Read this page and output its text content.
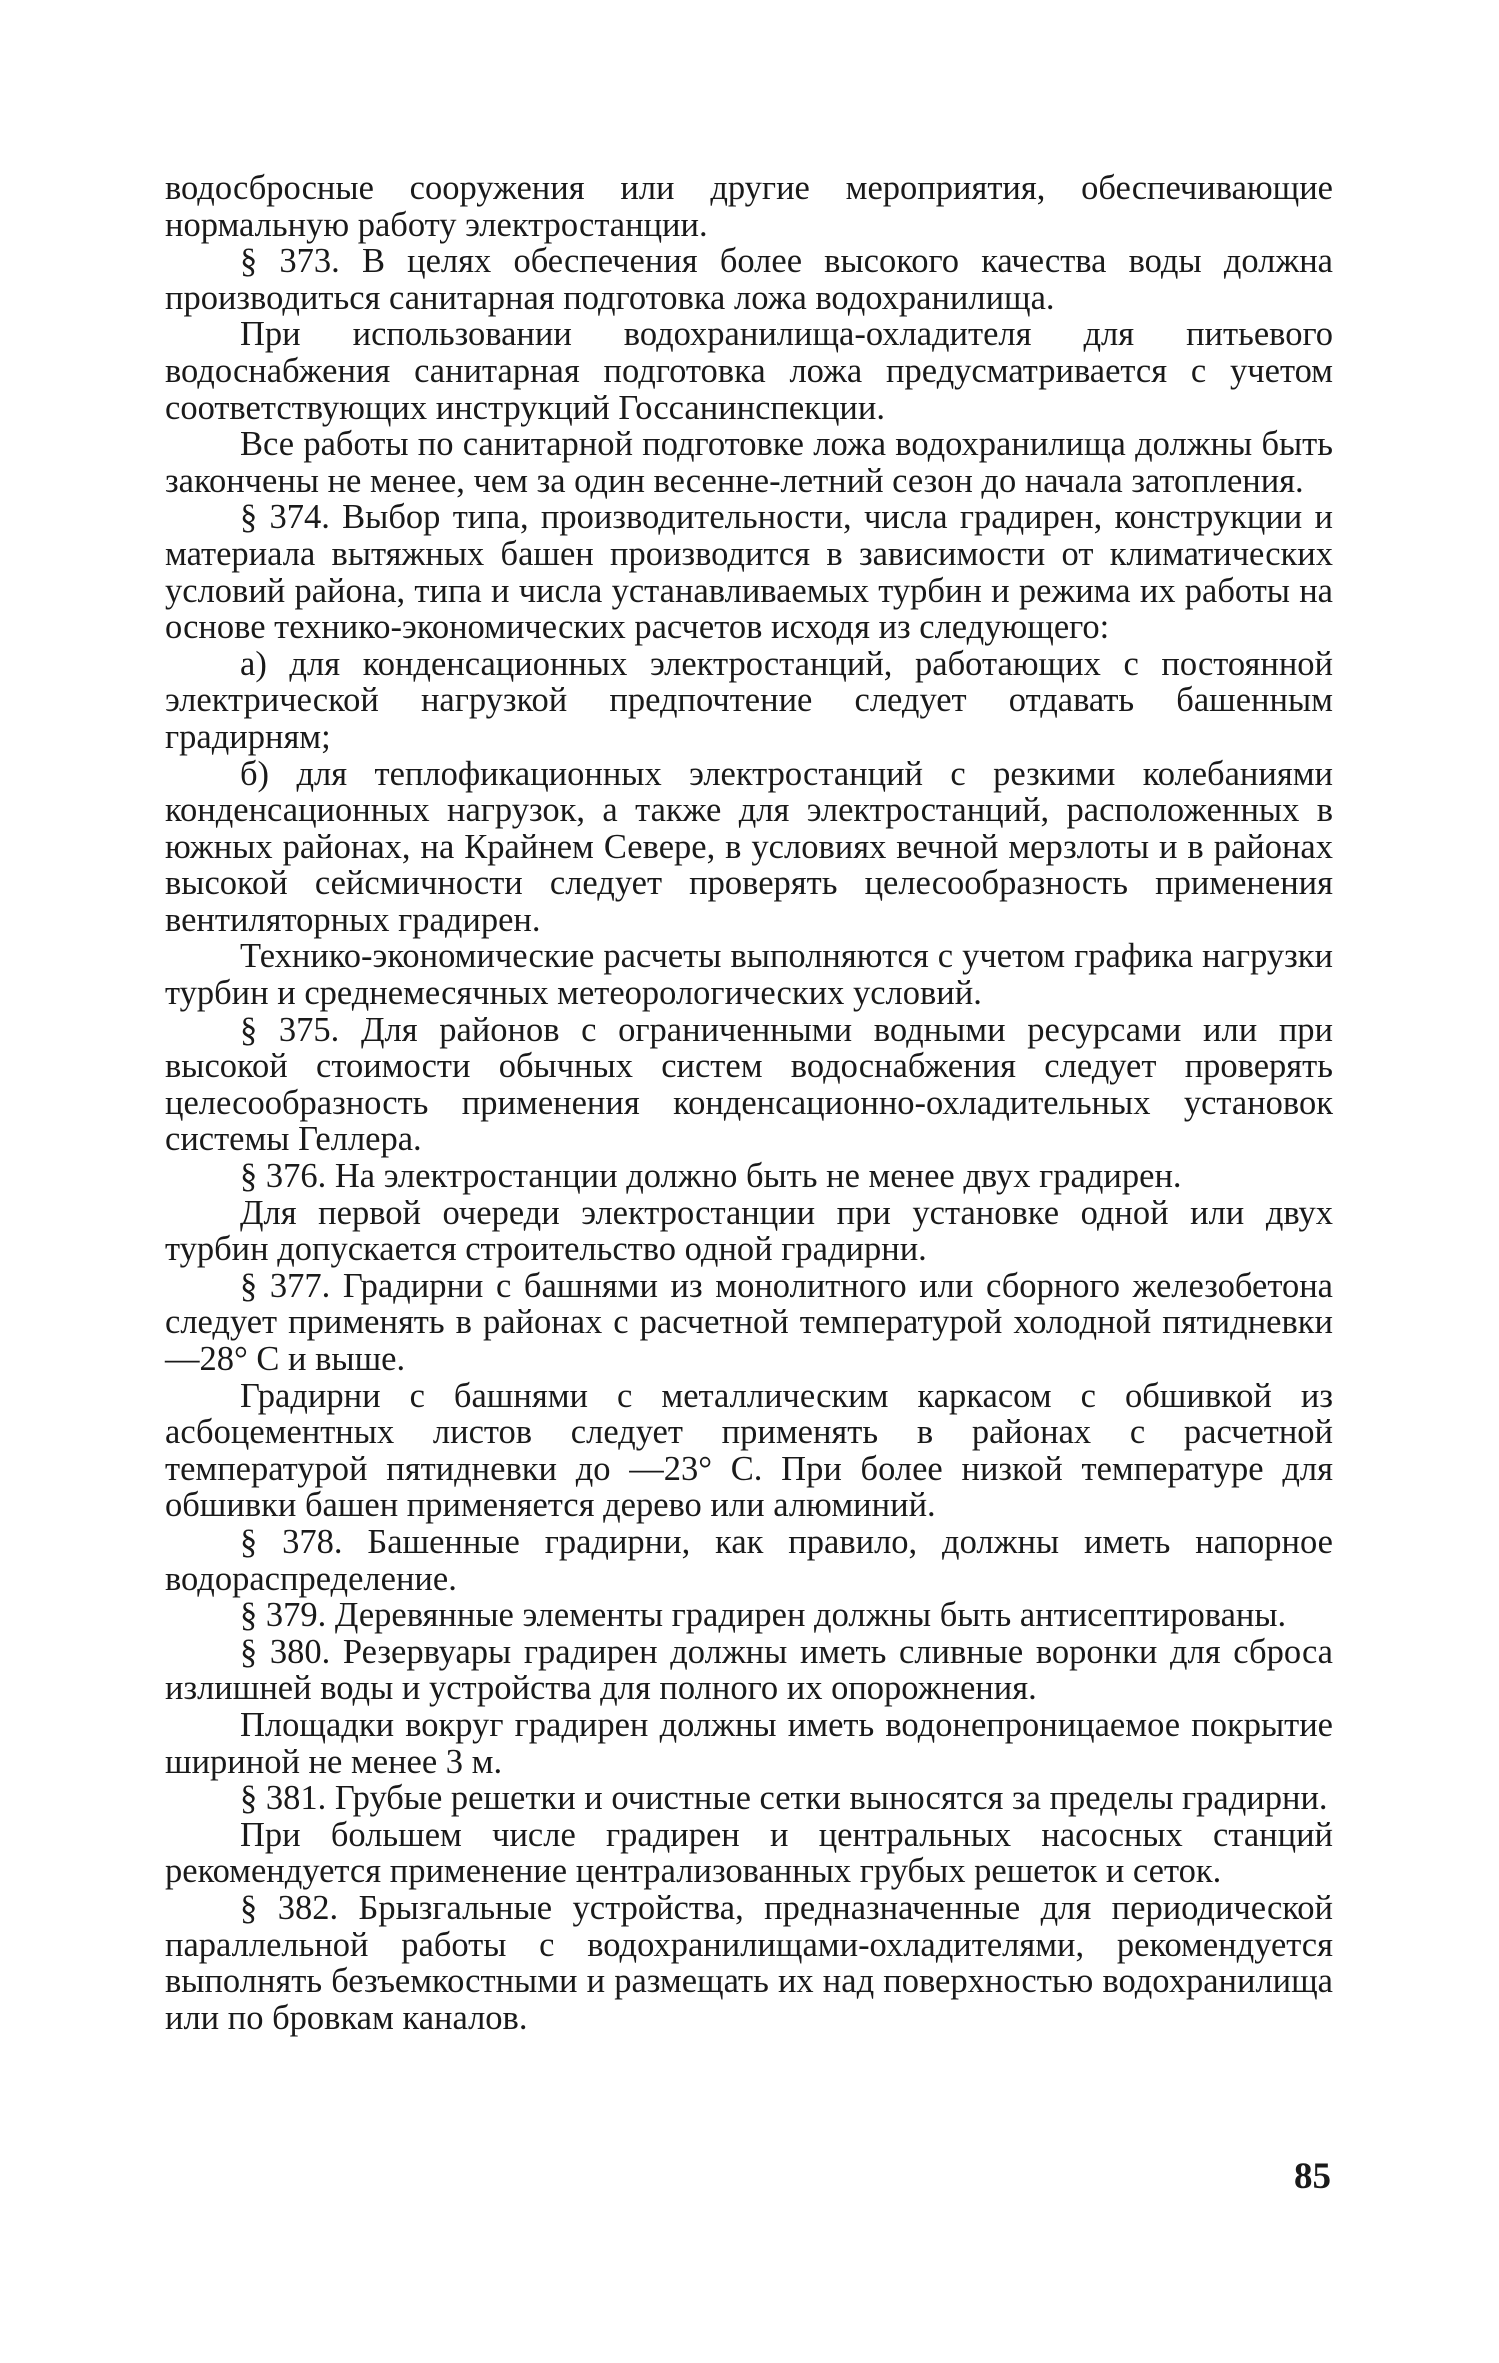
водосбросные сооружения или другие мероприятия, обеспечивающие нормальную работу электростанции.

§ 373. В целях обеспечения более высокого качества воды должна производиться санитарная подготовка ложа водохранилища.

При использовании водохранилища-охладителя для питьевого водоснабжения санитарная подготовка ложа предусматривается с учетом соответствующих инструкций Госсанинспекции.

Все работы по санитарной подготовке ложа водохранилища должны быть закончены не менее, чем за один весенне-летний сезон до начала затопления.

§ 374. Выбор типа, производительности, числа градирен, конструкции и материала вытяжных башен производится в зависимости от климатических условий района, типа и числа устанавливаемых турбин и режима их работы на основе технико-экономических расчетов исходя из следующего:

а) для конденсационных электростанций, работающих с постоянной электрической нагрузкой предпочтение следует отдавать башенным градирням;

б) для теплофикационных электростанций с резкими колебаниями конденсационных нагрузок, а также для электростанций, расположенных в южных районах, на Крайнем Севере, в условиях вечной мерзлоты и в районах высокой сейсмичности следует проверять целесообразность применения вентиляторных градирен.

Технико-экономические расчеты выполняются с учетом графика нагрузки турбин и среднемесячных метеорологических условий.

§ 375. Для районов с ограниченными водными ресурсами или при высокой стоимости обычных систем водоснабжения следует проверять целесообразность применения конденсационно-охладительных установок системы Геллера.

§ 376. На электростанции должно быть не менее двух градирен.

Для первой очереди электростанции при установке одной или двух турбин допускается строительство одной градирни.

§ 377. Градирни с башнями из монолитного или сборного железобетона следует применять в районах с расчетной температурой холодной пятидневки —28° С и выше.

Градирни с башнями с металлическим каркасом с обшивкой из асбоцементных листов следует применять в районах с расчетной температурой пятидневки до —23° С. При более низкой температуре для обшивки башен применяется дерево или алюминий.

§ 378. Башенные градирни, как правило, должны иметь напорное водораспределение.

§ 379. Деревянные элементы градирен должны быть антисептированы.

§ 380. Резервуары градирен должны иметь сливные воронки для сброса излишней воды и устройства для полного их опорожнения.

Площадки вокруг градирен должны иметь водонепроницаемое покрытие шириной не менеe 3 м.

§ 381. Грубые решетки и очистные сетки выносятся за пределы градирни.

При большем числе градирен и центральных насосных станций рекомендуется применение централизованных грубых решеток и сеток.

§ 382. Брызгальные устройства, предназначенные для периодической параллельной работы с водохранилищами-охладителями, рекомендуется выполнять безъемкостными и размещать их над поверхностью водохранилища или по бровкам каналов.

85
